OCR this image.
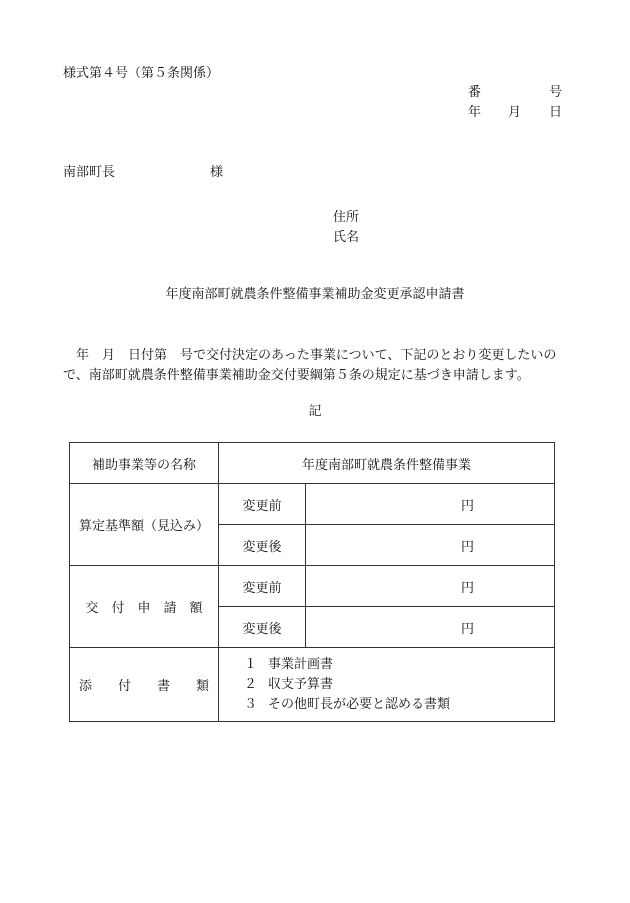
様式第４号（第５条関係）
番	号
年 月 日
南部町長	様
住所
氏名
年度南部町就農条件整備事業補助金変更承認申請書
年　月　日付第　号で交付決定のあった事業について、下記のとおり変更したいので、南部町就農条件整備事業補助金交付要綱第５条の規定に基づき申請します。
記
補助事業等の名称	年度南部町就農条件整備事業	
算定基準額（見込み）	変更前	円
	変更後	円
交　付　申　請　額	変更前	円
	変更後	円
添　　付　　書　　類	１ 事業計画書
２ 収支予算書
３ その他町長が必要と認める書類	
